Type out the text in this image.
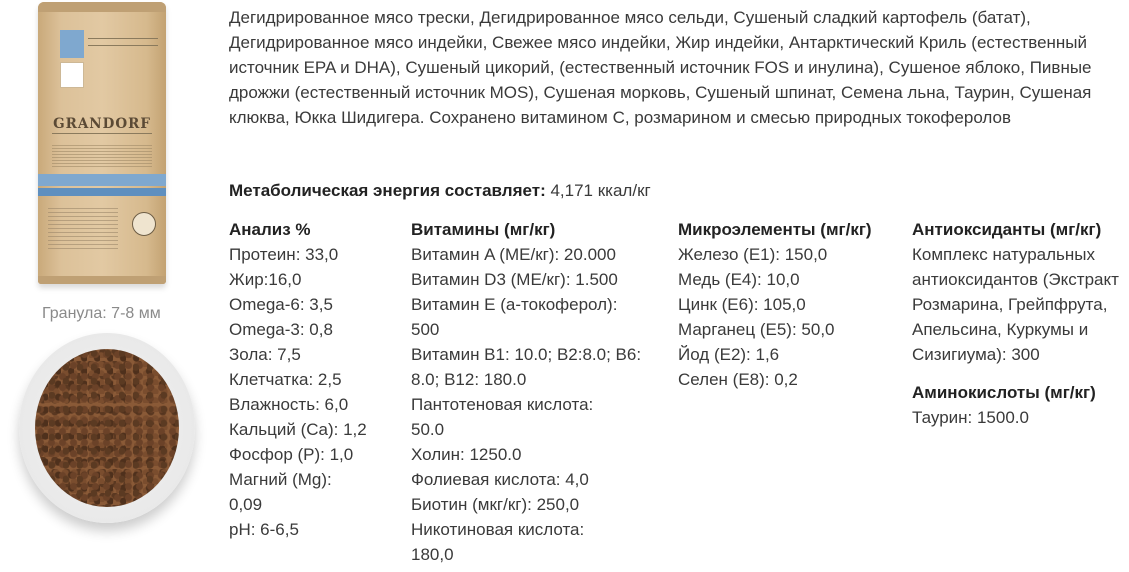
GRANDORF
Гранула: 7-8 мм
Дегидрированное мясо трески, Дегидрированное мясо сельди, Сушеный сладкий картофель (батат), Дегидрированное мясо индейки, Свежее мясо индейки, Жир индейки, Антарктический Криль (естественный источник EPA и DHA), Сушеный цикорий, (естественный источник FOS и инулина), Сушеное яблоко, Пивные дрожжи (естественный источник MOS), Сушеная морковь, Сушеный шпинат, Семена льна, Таурин, Сушеная клюква, Юкка Шидигера. Сохранено витамином С, розмарином и смесью природных токоферолов
Метаболическая энергия составляет: 4,171 ккал/кг
Анализ %
Протеин: 33,0
Жир:16,0
Omega-6: 3,5
Omega-3: 0,8
Зола: 7,5
Клетчатка: 2,5
Влажность: 6,0
Кальций (Ca): 1,2
Фосфор (P): 1,0
Магний (Mg): 0,09
pH: 6-6,5
Витамины (мг/кг)
Витамин A (МЕ/кг): 20.000
Витамин D3 (МЕ/кг): 1.500
Витамин E (а-токоферол): 500
Витамин B1: 10.0; B2:8.0; B6: 8.0; B12: 180.0
Пантотеновая кислота: 50.0
Холин: 1250.0
Фолиевая кислота: 4,0
Биотин (мкг/кг): 250,0
Никотиновая кислота: 180,0
Микроэлементы (мг/кг)
Железо (E1): 150,0
Медь (E4): 10,0
Цинк (E6): 105,0
Марганец (E5): 50,0
Йод (E2): 1,6
Селен (E8): 0,2
Антиоксиданты (мг/кг)
Комплекс натуральных антиоксидантов (Экстракт Розмарина, Грейпфрута, Апельсина, Куркумы и Сизигиума): 300
Аминокислоты (мг/кг)
Таурин: 1500.0
